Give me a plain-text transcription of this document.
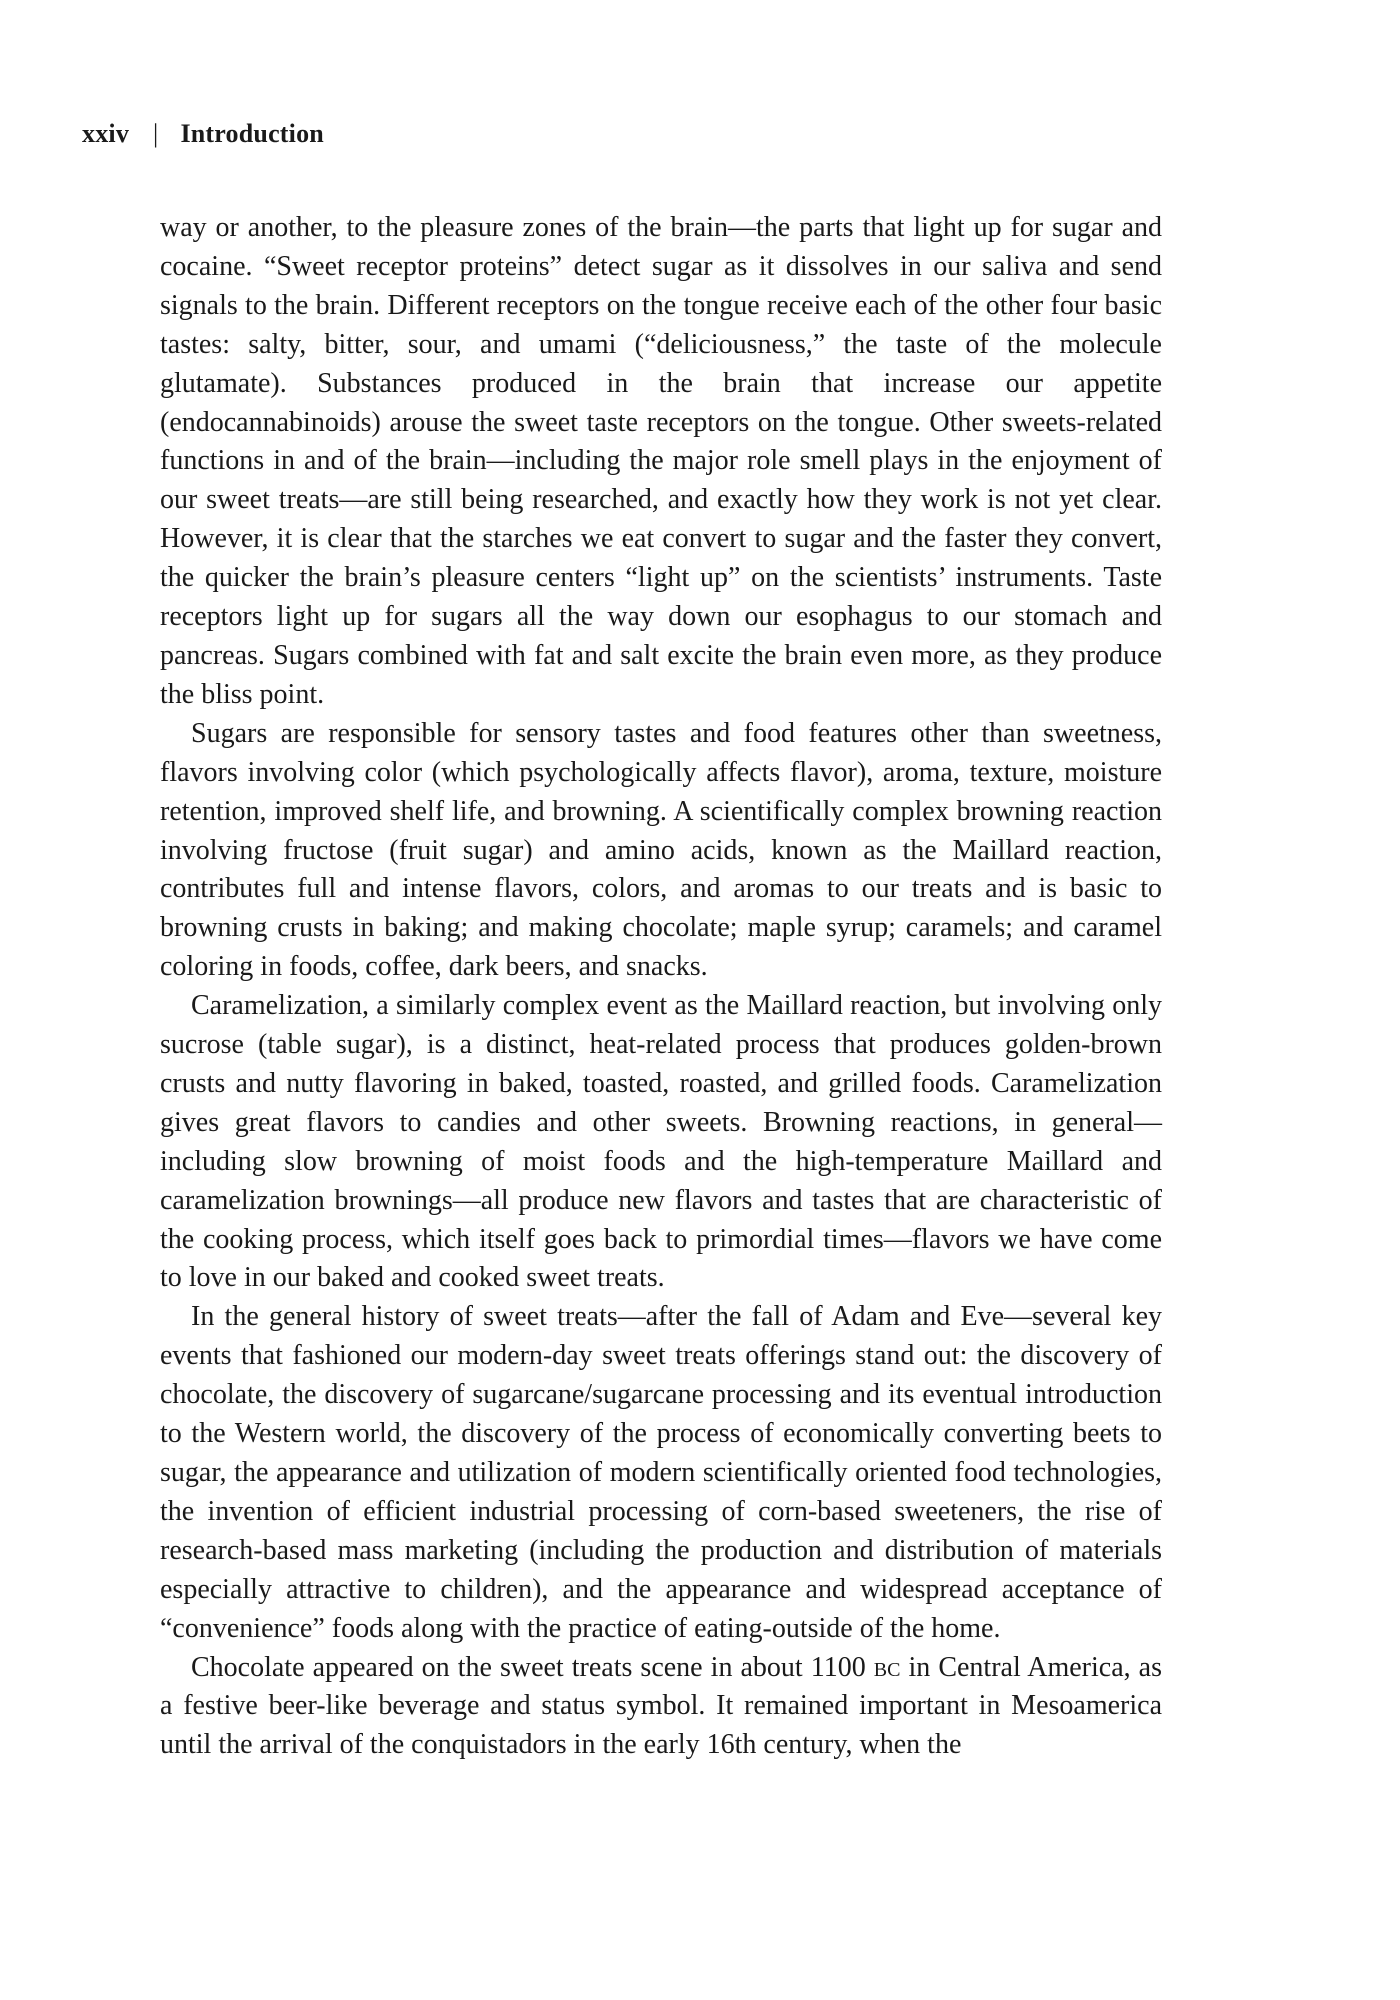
xxiv | Introduction

way or another, to the pleasure zones of the brain—the parts that light up for sugar and cocaine. “Sweet receptor proteins” detect sugar as it dissolves in our saliva and send signals to the brain. Different receptors on the tongue receive each of the other four basic tastes: salty, bitter, sour, and umami (“deliciousness,” the taste of the molecule glutamate). Substances produced in the brain that increase our appetite (endocannabinoids) arouse the sweet taste receptors on the tongue. Other sweets-related functions in and of the brain—including the major role smell plays in the enjoyment of our sweet treats—are still being researched, and exactly how they work is not yet clear. However, it is clear that the starches we eat convert to sugar and the faster they convert, the quicker the brain’s pleasure centers “light up” on the scientists’ instruments. Taste receptors light up for sugars all the way down our esophagus to our stomach and pancreas. Sugars combined with fat and salt excite the brain even more, as they produce the bliss point.

Sugars are responsible for sensory tastes and food features other than sweetness, flavors involving color (which psychologically affects flavor), aroma, texture, moisture retention, improved shelf life, and browning. A scientifically complex browning reaction involving fructose (fruit sugar) and amino acids, known as the Maillard reaction, contributes full and intense flavors, colors, and aromas to our treats and is basic to browning crusts in baking; and making chocolate; maple syrup; caramels; and caramel coloring in foods, coffee, dark beers, and snacks.

Caramelization, a similarly complex event as the Maillard reaction, but involving only sucrose (table sugar), is a distinct, heat-related process that produces golden-brown crusts and nutty flavoring in baked, toasted, roasted, and grilled foods. Caramelization gives great flavors to candies and other sweets. Browning reactions, in general—including slow browning of moist foods and the high-temperature Maillard and caramelization brownings—all produce new flavors and tastes that are characteristic of the cooking process, which itself goes back to primordial times—flavors we have come to love in our baked and cooked sweet treats.

In the general history of sweet treats—after the fall of Adam and Eve—several key events that fashioned our modern-day sweet treats offerings stand out: the discovery of chocolate, the discovery of sugarcane/sugarcane processing and its eventual introduction to the Western world, the discovery of the process of economically converting beets to sugar, the appearance and utilization of modern scientifically oriented food technologies, the invention of efficient industrial processing of corn-based sweeteners, the rise of research-based mass marketing (including the production and distribution of materials especially attractive to children), and the appearance and widespread acceptance of “convenience” foods along with the practice of eating-outside of the home.

Chocolate appeared on the sweet treats scene in about 1100 bc in Central America, as a festive beer-like beverage and status symbol. It remained important in Mesoamerica until the arrival of the conquistadors in the early 16th century, when the
